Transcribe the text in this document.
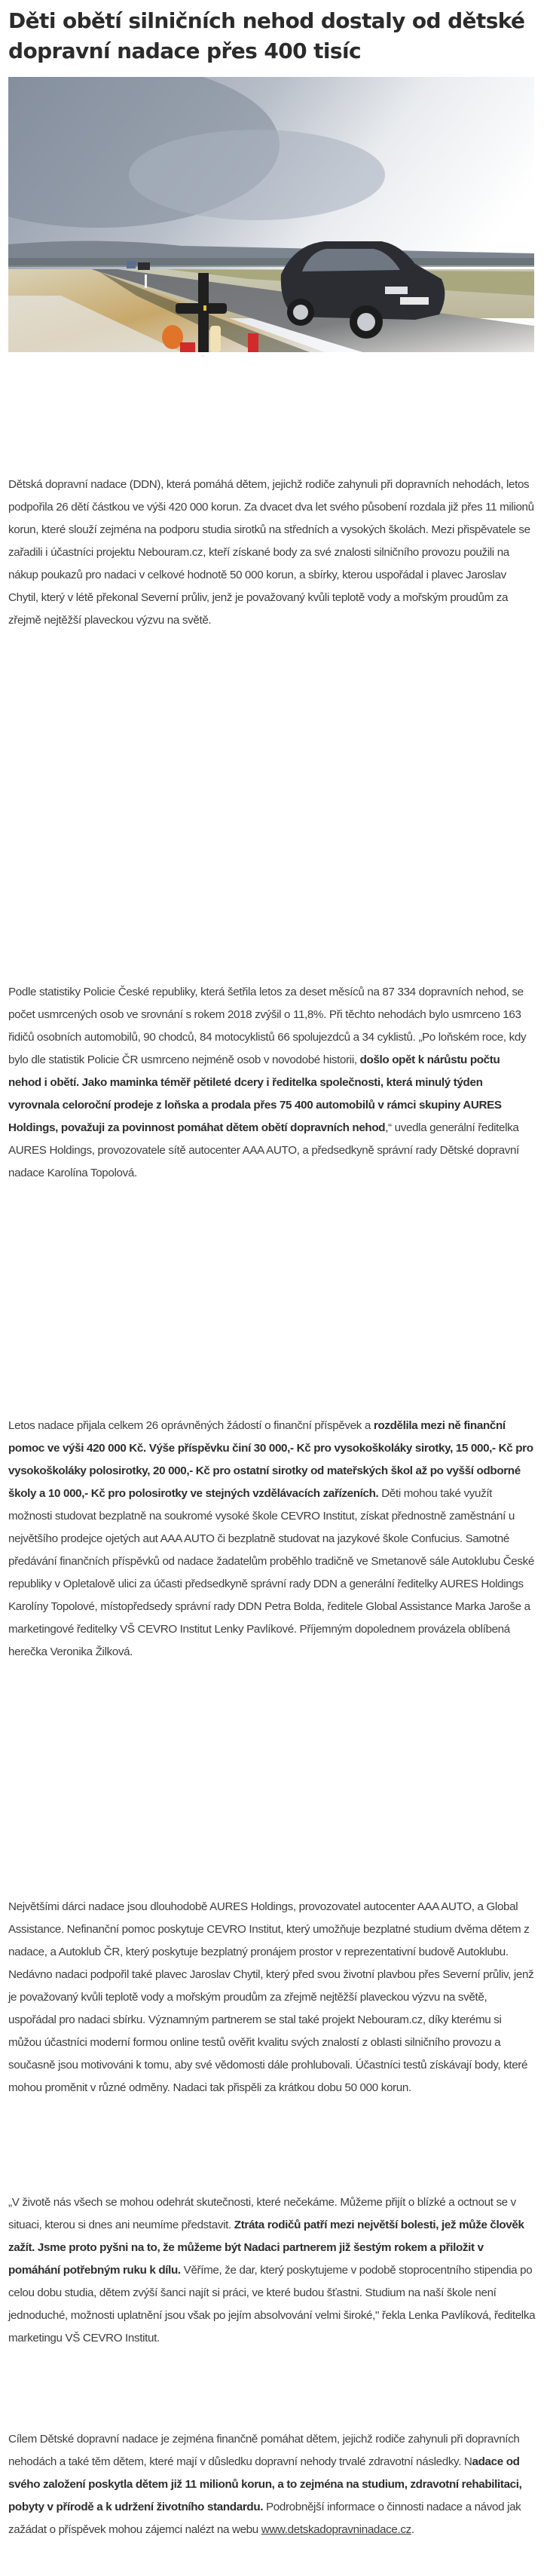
Děti obětí silničních nehod dostaly od dětské dopravní nadace přes 400 tisíc
""

Dětská dopravní nadace (DDN), která pomáhá dětem, jejichž rodiče zahynuli při dopravních nehodách, letos podpořila 26 dětí částkou ve výši 420 000 korun. Za dvacet dva let svého působení rozdala již přes 11 milionů korun, které slouží zejména na podporu studia sirotků na středních a vysokých školách. Mezi přispěvatele se zařadili i účastníci projektu Nebouram.cz, kteří získané body za své znalosti silničního provozu použili na nákup poukazů pro nadaci v celkové hodnotě 50 000 korun, a sbírky, kterou uspořádal i plavec Jaroslav Chytil, který v létě překonal Severní průliv, jenž je považovaný kvůli teplotě vody a mořským proudům za zřejmě nejtěžší plaveckou výzvu na světě.

Podle statistiky Policie České republiky, která šetřila letos za deset měsíců na 87 334 dopravních nehod, se počet usmrcených osob ve srovnání s rokem 2018 zvýšil o 11,8%. Při těchto nehodách bylo usmrceno 163 řidičů osobních automobilů, 90 chodců, 84 motocyklistů 66 spolujezdců a 34 cyklistů. „Po loňském roce, kdy bylo dle statistik Policie ČR usmrceno nejméně osob v novodobé historii, došlo opět k nárůstu počtu nehod i obětí. Jako maminka téměř pětileté dcery i ředitelka společnosti, která minulý týden vyrovnala celoroční prodeje z loňska a prodala přes 75 400 automobilů v rámci skupiny AURES Holdings, považuji za povinnost pomáhat dětem obětí dopravních nehod,“ uvedla generální ředitelka AURES Holdings, provozovatele sítě autocenter AAA AUTO, a předsedkyně správní rady Dětské dopravní nadace Karolína Topolová.

Letos nadace přijala celkem 26 oprávněných žádostí o finanční příspěvek a rozdělila mezi ně finanční pomoc ve výši 420 000 Kč. Výše příspěvku činí 30 000,- Kč pro vysokoškoláky sirotky, 15 000,- Kč pro vysokoškoláky polosirotky, 20 000,- Kč pro ostatní sirotky od mateřských škol až po vyšší odborné školy a 10 000,- Kč pro polosirotky ve stejných vzdělávacích zařízeních. Děti mohou také využít možnosti studovat bezplatně na soukromé vysoké škole CEVRO Institut, získat přednostně zaměstnání u největšího prodejce ojetých aut AAA AUTO či bezplatně studovat na jazykové škole Confucius. Samotné předávání finančních příspěvků od nadace žadatelům proběhlo tradičně ve Smetanově sále Autoklubu České republiky v Opletalově ulici za účasti předsedkyně správní rady DDN a generální ředitelky AURES Holdings Karolíny Topolové, místopředsedy správní rady DDN Petra Bolda, ředitele Global Assistance Marka Jaroše a marketingové ředitelky VŠ CEVRO Institut Lenky Pavlíkové. Příjemným dopolednem provázela oblíbená herečka Veronika Žilková.

Největšími dárci nadace jsou dlouhodobě AURES Holdings, provozovatel autocenter AAA AUTO, a Global Assistance. Nefinanční pomoc poskytuje CEVRO Institut, který umožňuje bezplatné studium dvěma dětem z nadace, a Autoklub ČR, který poskytuje bezplatný pronájem prostor v reprezentativní budově Autoklubu. Nedávno nadaci podpořil také plavec Jaroslav Chytil, který před svou životní plavbou přes Severní průliv, jenž je považovaný kvůli teplotě vody a mořským proudům za zřejmě nejtěžší plaveckou výzvu na světě, uspořádal pro nadaci sbírku. Významným partnerem se stal také projekt Nebouram.cz, díky kterému si můžou účastníci moderní formou online testů ověřit kvalitu svých znalostí z oblasti silničního provozu a současně jsou motivováni k tomu, aby své vědomosti dále prohlubovali. Účastníci testů získávají body, které mohou proměnit v různé odměny. Nadaci tak přispěli za krátkou dobu 50 000 korun.

„V životě nás všech se mohou odehrát skutečnosti, které nečekáme. Můžeme přijít o blízké a octnout se v situaci, kterou si dnes ani neumíme představit. Ztráta rodičů patří mezi největší bolesti, jež může člověk zažít. Jsme proto pyšni na to, že můžeme být Nadaci partnerem již šestým rokem a přiložit v pomáhání potřebným ruku k dílu. Věříme, že dar, který poskytujeme v podobě stoprocentního stipendia po celou dobu studia, dětem zvýší šanci najít si práci, ve které budou šťastni. Studium na naší škole není jednoduché, možnosti uplatnění jsou však po jejím absolvování velmi široké," řekla Lenka Pavlíková, ředitelka marketingu VŠ CEVRO Institut.

Cílem Dětské dopravní nadace je zejména finančně pomáhat dětem, jejichž rodiče zahynuli při dopravních nehodách a také těm dětem, které mají v důsledku dopravní nehody trvalé zdravotní následky. Nadace od svého založení poskytla dětem již 11 milionů korun, a to zejména na studium, zdravotní rehabilitaci, pobyty v přírodě a k udržení životního standardu. Podrobnější informace o činnosti nadace a návod jak zažádat o příspěvek mohou zájemci nalézt na webu www.detskadopravninadace.cz.
